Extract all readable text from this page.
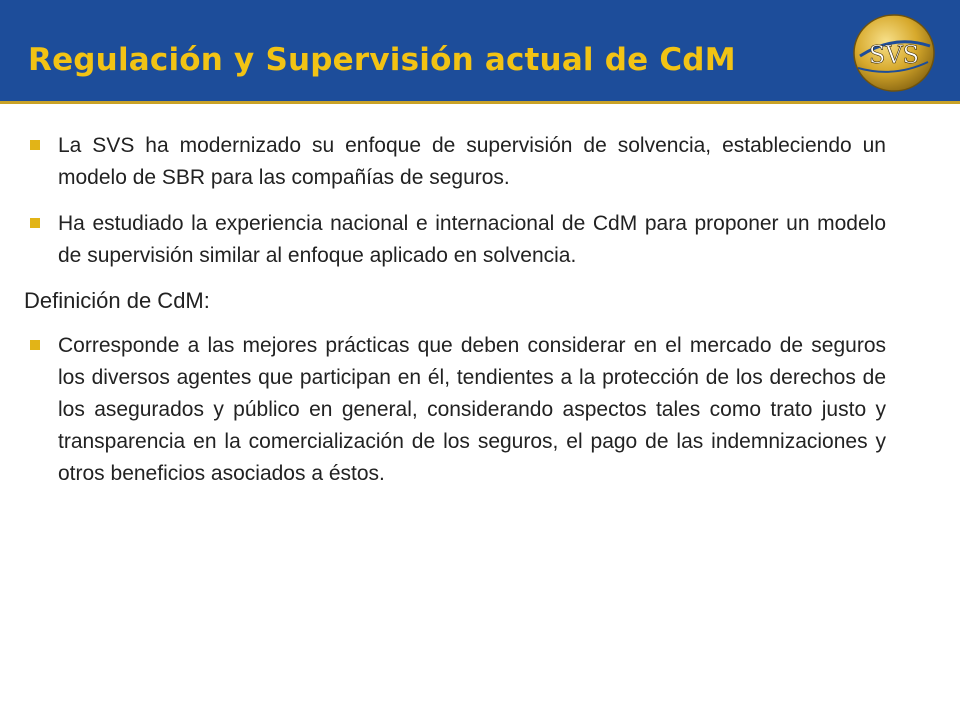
Regulación y Supervisión actual de CdM	SVS
La SVS ha modernizado su enfoque de supervisión de solvencia, estableciendo un modelo de SBR para las compañías de seguros.
Ha estudiado la experiencia nacional e internacional de CdM para proponer un modelo de supervisión similar al enfoque aplicado en solvencia.
Definición de CdM:
Corresponde a las mejores prácticas que deben considerar en el mercado de seguros los diversos agentes que participan en él, tendientes a la protección de los derechos de los asegurados y público en general, considerando aspectos tales como trato justo y transparencia en la comercialización de los seguros, el pago de las indemnizaciones y otros beneficios asociados a éstos.
